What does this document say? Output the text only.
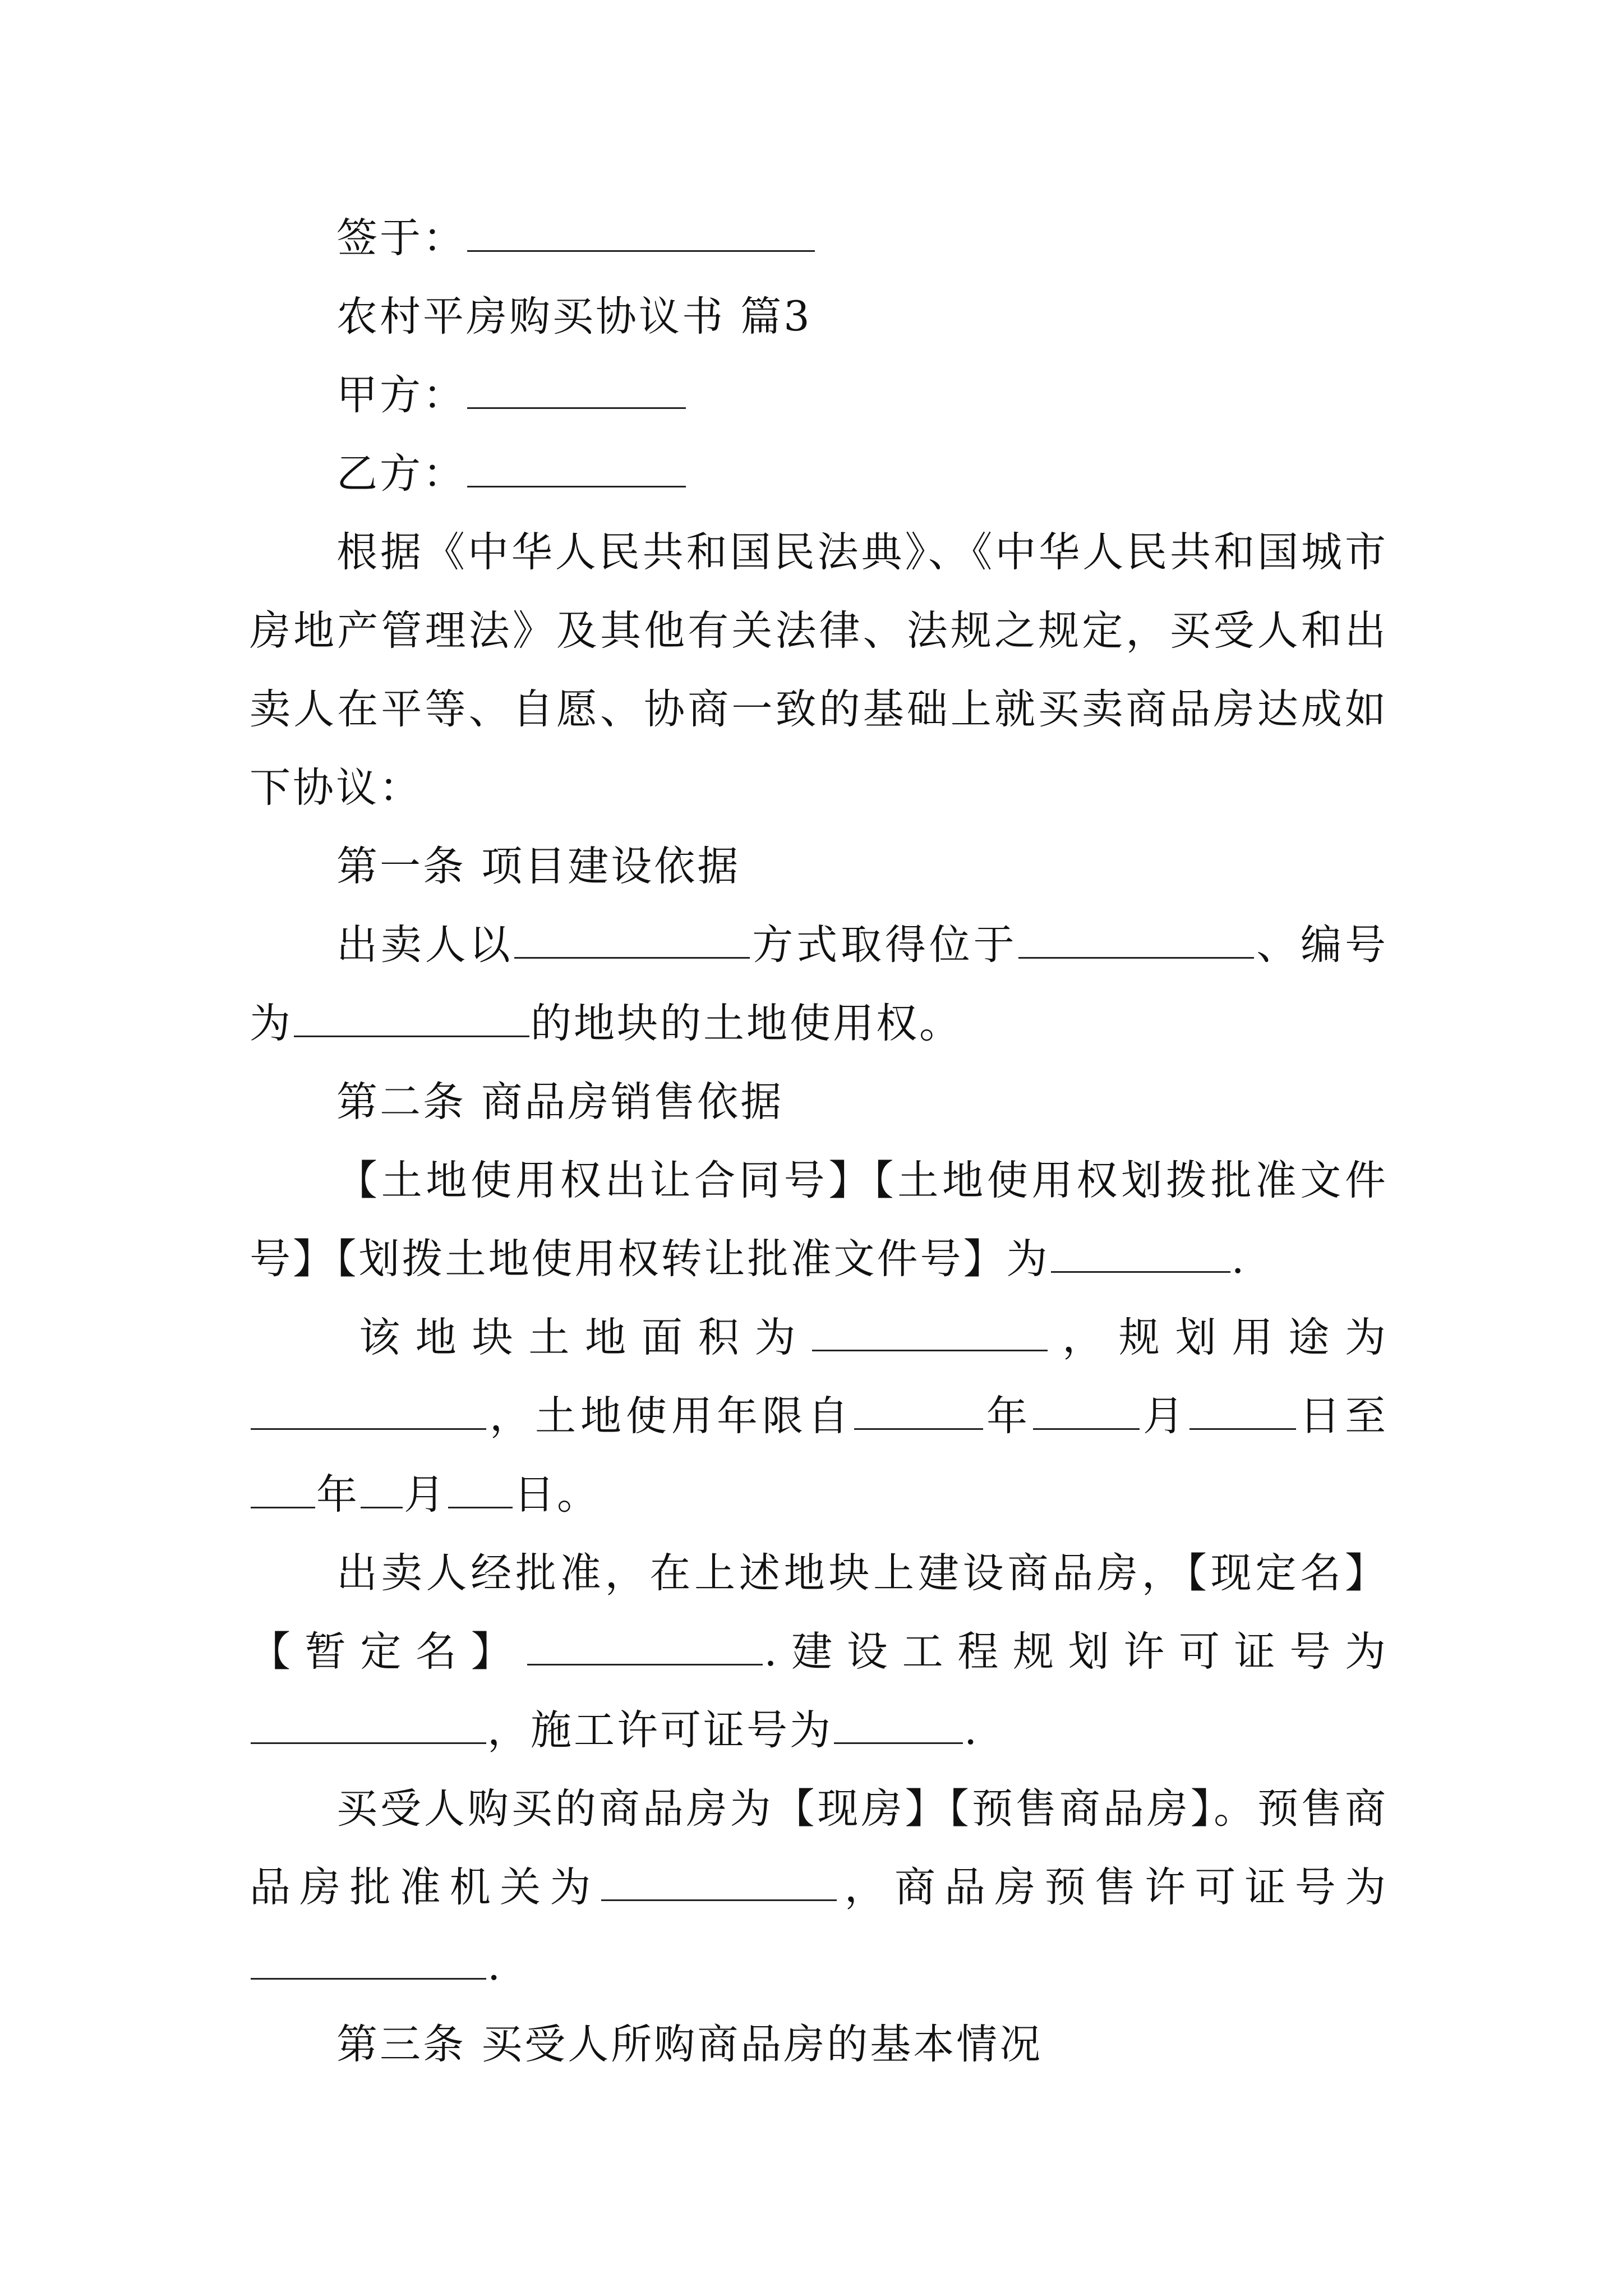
签于：
农村平房购买协议书 篇3
甲方：
乙方：
根据《中华人民共和国民法典》、《中华人民共和国城市
房地产管理法》及其他有关法律、法规之规定，买受人和出
卖人在平等、自愿、协商一致的基础上就买卖商品房达成如
下协议：
第一条 项目建设依据
出卖人以	方式取得位于	、编号
为	的地块的土地使用权。
第二条 商品房销售依据
【土地使用权出让合同号】【土地使用权划拨批准文件
号】【划拨土地使用权转让批准文件号】为	.
该地块土地面积为	，规划用途为
，土地使用年限自	年	月	日至
年 月 日。
出卖人经批准，在上述地块上建设商品房，【现定名】
【暂定名】	.建设工程规划许可证号为
，施工许可证号为	.
买受人购买的商品房为【现房】【预售商品房】。预售商
品房批准机关为	，商品房预售许可证号为
.
第三条 买受人所购商品房的基本情况
